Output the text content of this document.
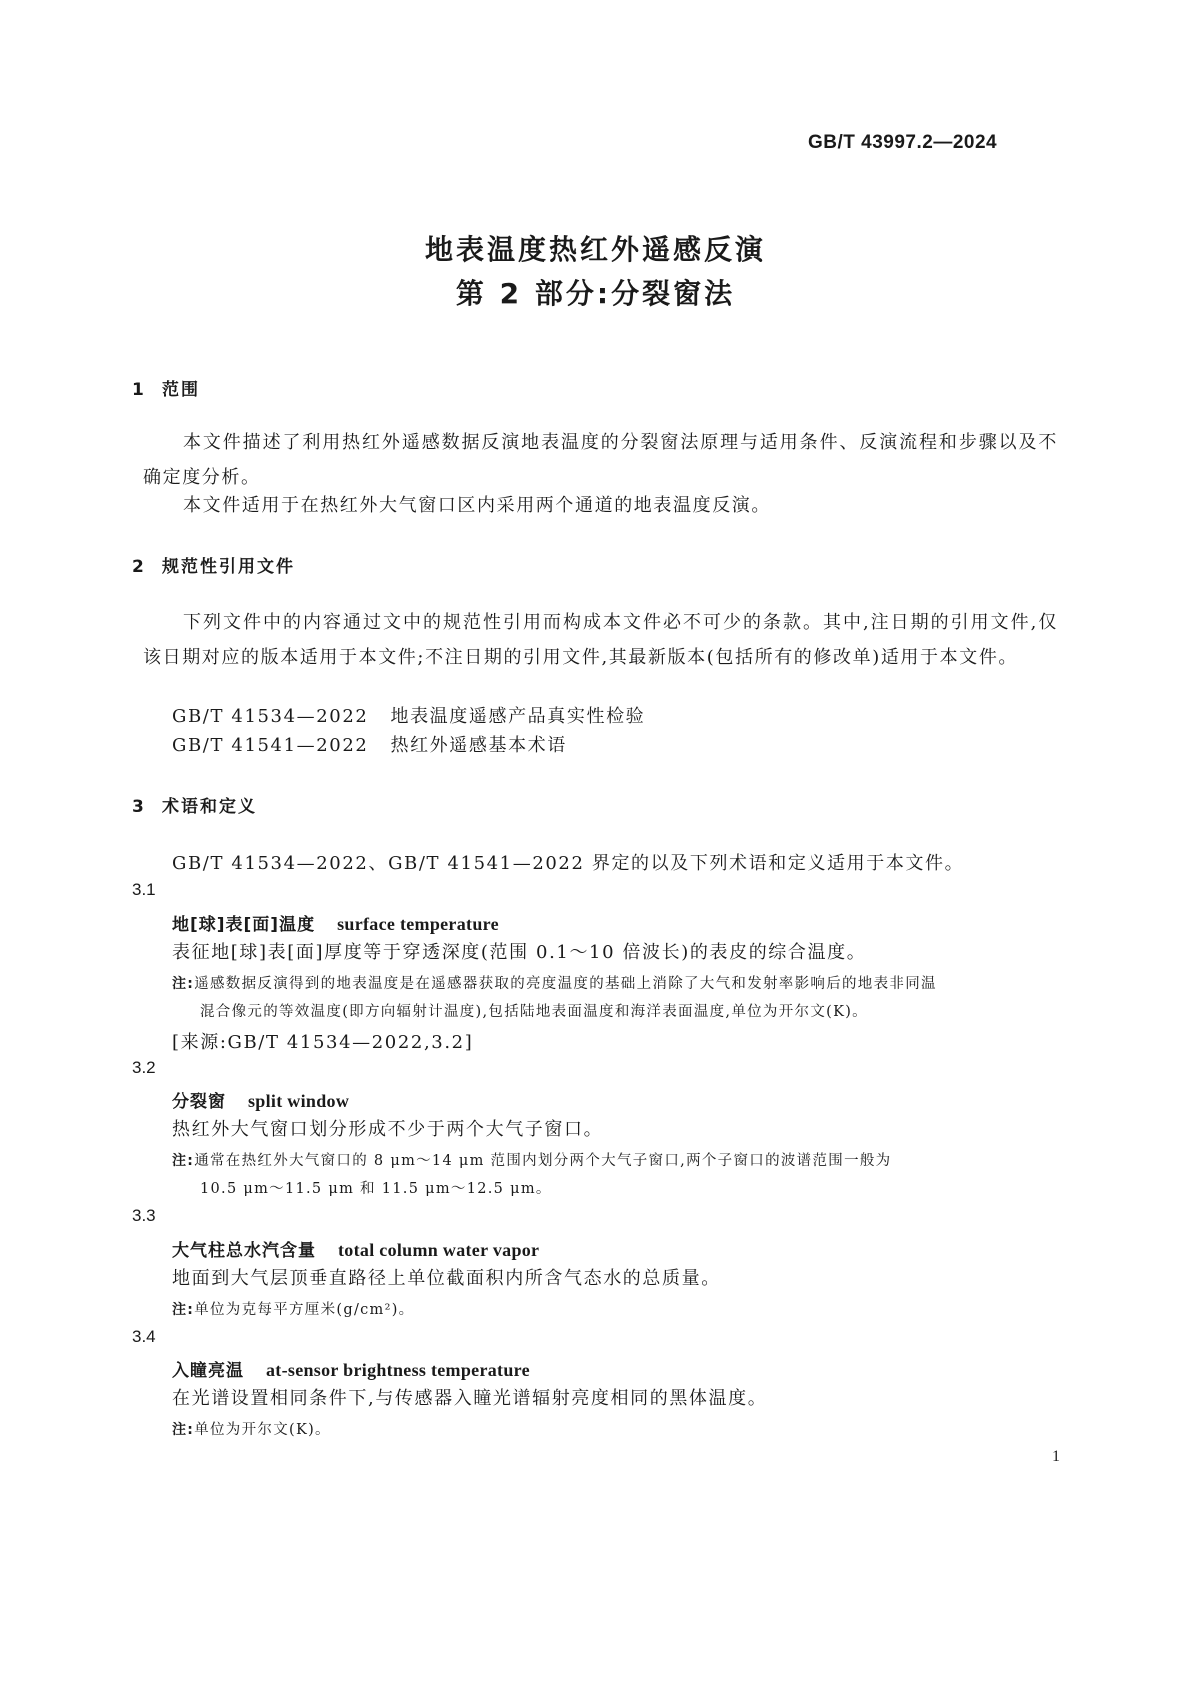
GB/T 43997.2—2024
地表温度热红外遥感反演
第 2 部分:分裂窗法
1 范围
本文件描述了利用热红外遥感数据反演地表温度的分裂窗法原理与适用条件、反演流程和步骤以及不确定度分析。
本文件适用于在热红外大气窗口区内采用两个通道的地表温度反演。
2 规范性引用文件
下列文件中的内容通过文中的规范性引用而构成本文件必不可少的条款。其中,注日期的引用文件,仅该日期对应的版本适用于本文件;不注日期的引用文件,其最新版本(包括所有的修改单)适用于本文件。
GB/T 41534—2022 地表温度遥感产品真实性检验
GB/T 41541—2022 热红外遥感基本术语
3 术语和定义
GB/T 41534—2022、GB/T 41541—2022 界定的以及下列术语和定义适用于本文件。
3.1
地[球]表[面]温度 surface temperature
表征地[球]表[面]厚度等于穿透深度(范围 0.1～10 倍波长)的表皮的综合温度。
注:遥感数据反演得到的地表温度是在遥感器获取的亮度温度的基础上消除了大气和发射率影响后的地表非同温
混合像元的等效温度(即方向辐射计温度),包括陆地表面温度和海洋表面温度,单位为开尔文(K)。
[来源:GB/T 41534—2022,3.2]
3.2
分裂窗 split window
热红外大气窗口划分形成不少于两个大气子窗口。
注:通常在热红外大气窗口的 8 μm～14 μm 范围内划分两个大气子窗口,两个子窗口的波谱范围一般为
10.5 μm～11.5 μm 和 11.5 μm～12.5 μm。
3.3
大气柱总水汽含量 total column water vapor
地面到大气层顶垂直路径上单位截面积内所含气态水的总质量。
注:单位为克每平方厘米(g/cm²)。
3.4
入瞳亮温 at-sensor brightness temperature
在光谱设置相同条件下,与传感器入瞳光谱辐射亮度相同的黑体温度。
注:单位为开尔文(K)。
1
